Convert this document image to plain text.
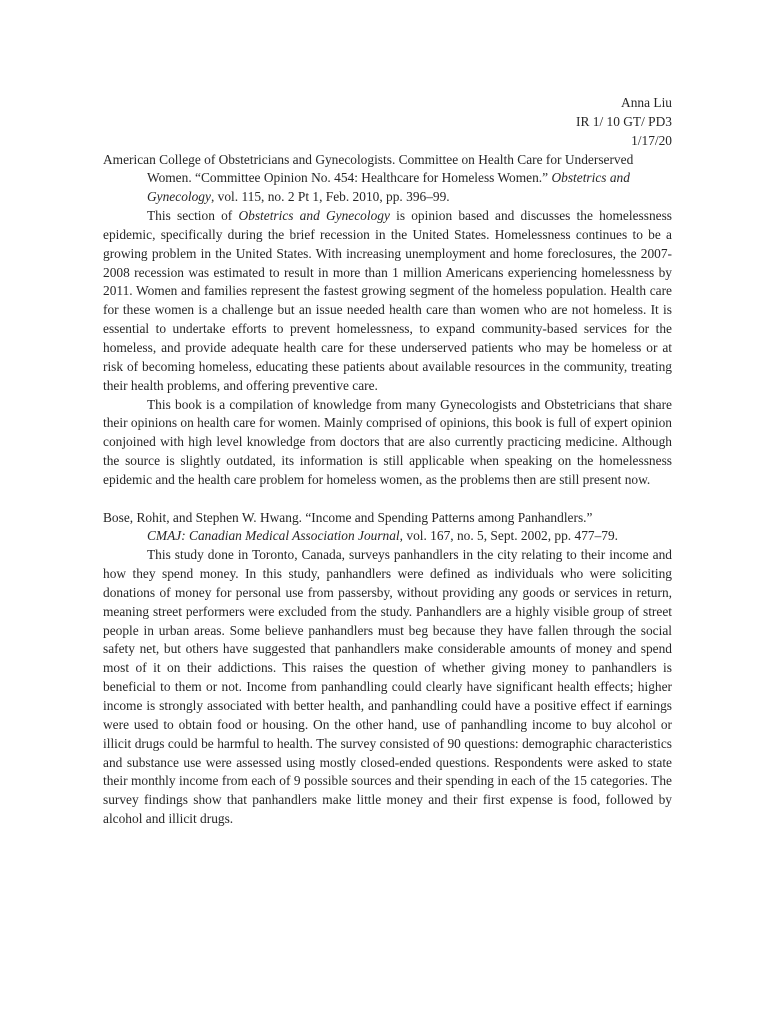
Anna Liu
IR 1/ 10 GT/ PD3
1/17/20
American College of Obstetricians and Gynecologists. Committee on Health Care for Underserved Women. “Committee Opinion No. 454: Healthcare for Homeless Women.” Obstetrics and Gynecology, vol. 115, no. 2 Pt 1, Feb. 2010, pp. 396–99.
This section of Obstetrics and Gynecology is opinion based and discusses the homelessness epidemic, specifically during the brief recession in the United States. Homelessness continues to be a growing problem in the United States. With increasing unemployment and home foreclosures, the 2007- 2008 recession was estimated to result in more than 1 million Americans experiencing homelessness by 2011. Women and families represent the fastest growing segment of the homeless population. Health care for these women is a challenge but an issue needed health care than women who are not homeless. It is essential to undertake efforts to prevent homelessness, to expand community-based services for the homeless, and provide adequate health care for these underserved patients who may be homeless or at risk of becoming homeless, educating these patients about available resources in the community, treating their health problems, and offering preventive care.
This book is a compilation of knowledge from many Gynecologists and Obstetricians that share their opinions on health care for women. Mainly comprised of opinions, this book is full of expert opinion conjoined with high level knowledge from doctors that are also currently practicing medicine. Although the source is slightly outdated, its information is still applicable when speaking on the homelessness epidemic and the health care problem for homeless women, as the problems then are still present now.
Bose, Rohit, and Stephen W. Hwang. “Income and Spending Patterns among Panhandlers.”
CMAJ: Canadian Medical Association Journal, vol. 167, no. 5, Sept. 2002, pp. 477–79.
This study done in Toronto, Canada, surveys panhandlers in the city relating to their income and how they spend money. In this study, panhandlers were defined as individuals who were soliciting donations of money for personal use from passersby, without providing any goods or services in return, meaning street performers were excluded from the study. Panhandlers are a highly visible group of street people in urban areas. Some believe panhandlers must beg because they have fallen through the social safety net, but others have suggested that panhandlers make considerable amounts of money and spend most of it on their addictions. This raises the question of whether giving money to panhandlers is beneficial to them or not. Income from panhandling could clearly have significant health effects; higher income is strongly associated with better health, and panhandling could have a positive effect if earnings were used to obtain food or housing. On the other hand, use of panhandling income to buy alcohol or illicit drugs could be harmful to health. The survey consisted of 90 questions: demographic characteristics and substance use were assessed using mostly closed-ended questions. Respondents were asked to state their monthly income from each of 9 possible sources and their spending in each of the 15 categories. The survey findings show that panhandlers make little money and their first expense is food, followed by alcohol and illicit drugs.
